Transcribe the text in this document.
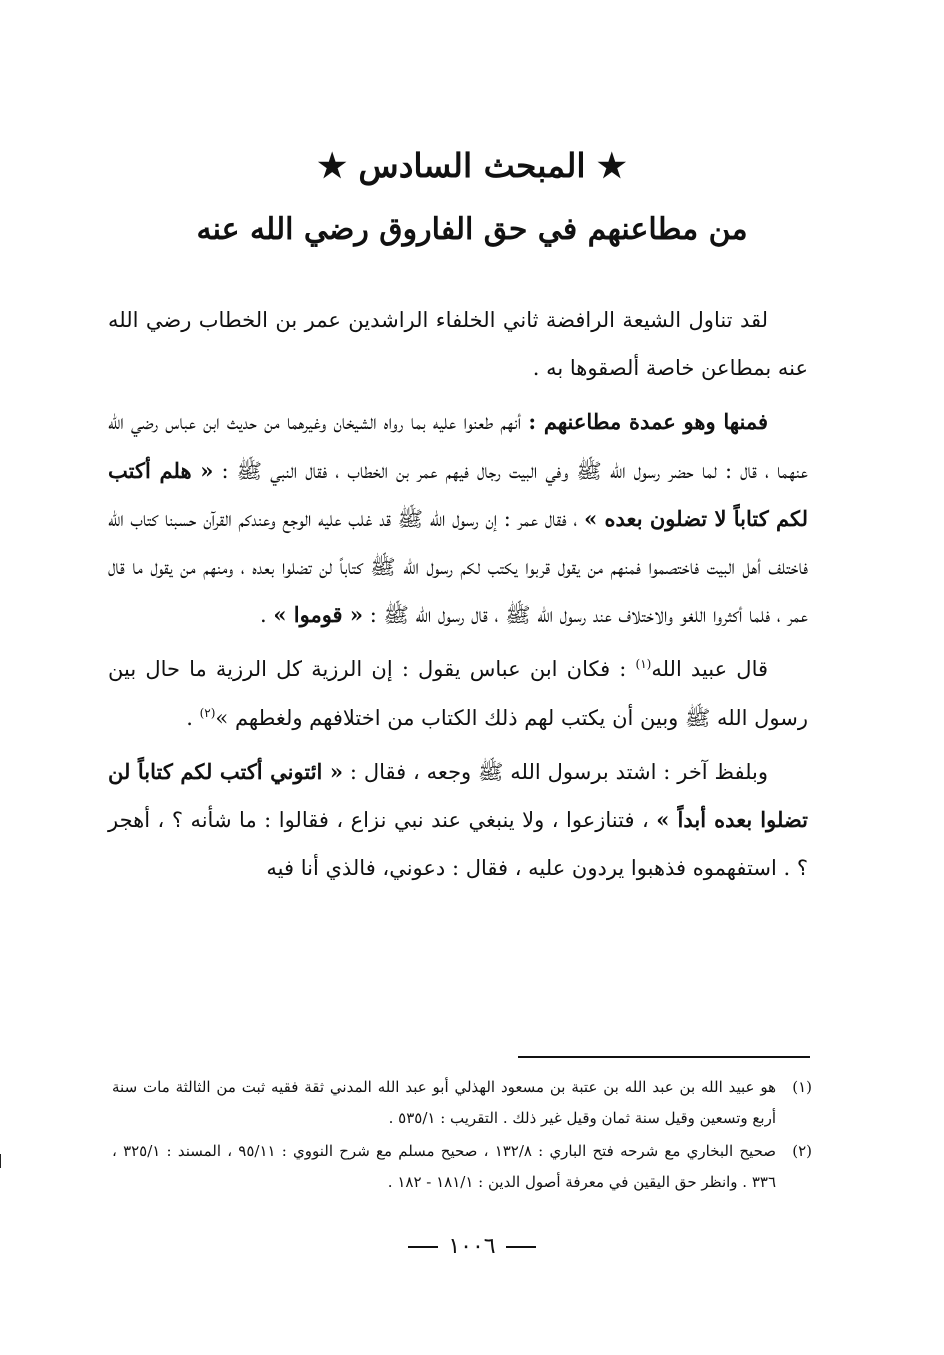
★ المبحث السادس ★
من مطاعنهم في حق الفاروق رضي الله عنه

لقد تناول الشيعة الرافضة ثاني الخلفاء الراشدين عمر بن الخطاب رضي الله عنه بمطاعن خاصة ألصقوها به .

فمنها وهو عمدة مطاعنهم : أنهم طعنوا عليه بما رواه الشيخان وغيرهما من حديث ابن عباس رضي الله عنهما ، قال : لما حضر رسول الله ﷺ وفي البيت رجال فيهم عمر بن الخطاب ، فقال النبي ﷺ : « هلم أكتب لكم كتاباً لا تضلون بعده » ، فقال عمر : إن رسول الله ﷺ قد غلب عليه الوجع وعندكم القرآن حسبنا كتاب الله فاختلف أهل البيت فاختصموا فمنهم من يقول قربوا يكتب لكم رسول الله ﷺ كتاباً لن تضلوا بعده ، ومنهم من يقول ما قال عمر ، فلما أكثروا اللغو والاختلاف عند رسول الله ﷺ ، قال رسول الله ﷺ : « قوموا » .

قال عبيد الله$^{(١)}$ : فكان ابن عباس يقول : إن الرزية كل الرزية ما حال بين رسول الله ﷺ وبين أن يكتب لهم ذلك الكتاب من اختلافهم ولغطهم »$^{(٢)}$ .

وبلفظ آخر : اشتد برسول الله ﷺ وجعه ، فقال : « ائتوني أكتب لكم كتاباً لن تضلوا بعده أبداً » ، فتنازعوا ، ولا ينبغي عند نبي نزاع ، فقالوا : ما شأنه ؟ ، أهجر ؟ . استفهموه فذهبوا يردون عليه ، فقال : دعوني، فالذي أنا فيه

(١)
هو عبيد الله بن عبد الله بن عتبة بن مسعود الهذلي أبو عبد الله المدني ثقة فقيه ثبت من الثالثة مات سنة أربع وتسعين وقيل سنة ثمان وقيل غير ذلك . التقريب : ٥٣٥/١ .
(٢)
صحيح البخاري مع شرحه فتح الباري : ١٣٢/٨ ، صحيح مسلم مع شرح النووي : ٩٥/١١ ، المسند : ٣٢٥/١ ، ٣٣٦ . وانظر حق اليقين في معرفة أصول الدين : ١٨١/١ - ١٨٢ .
١٠٠٦
